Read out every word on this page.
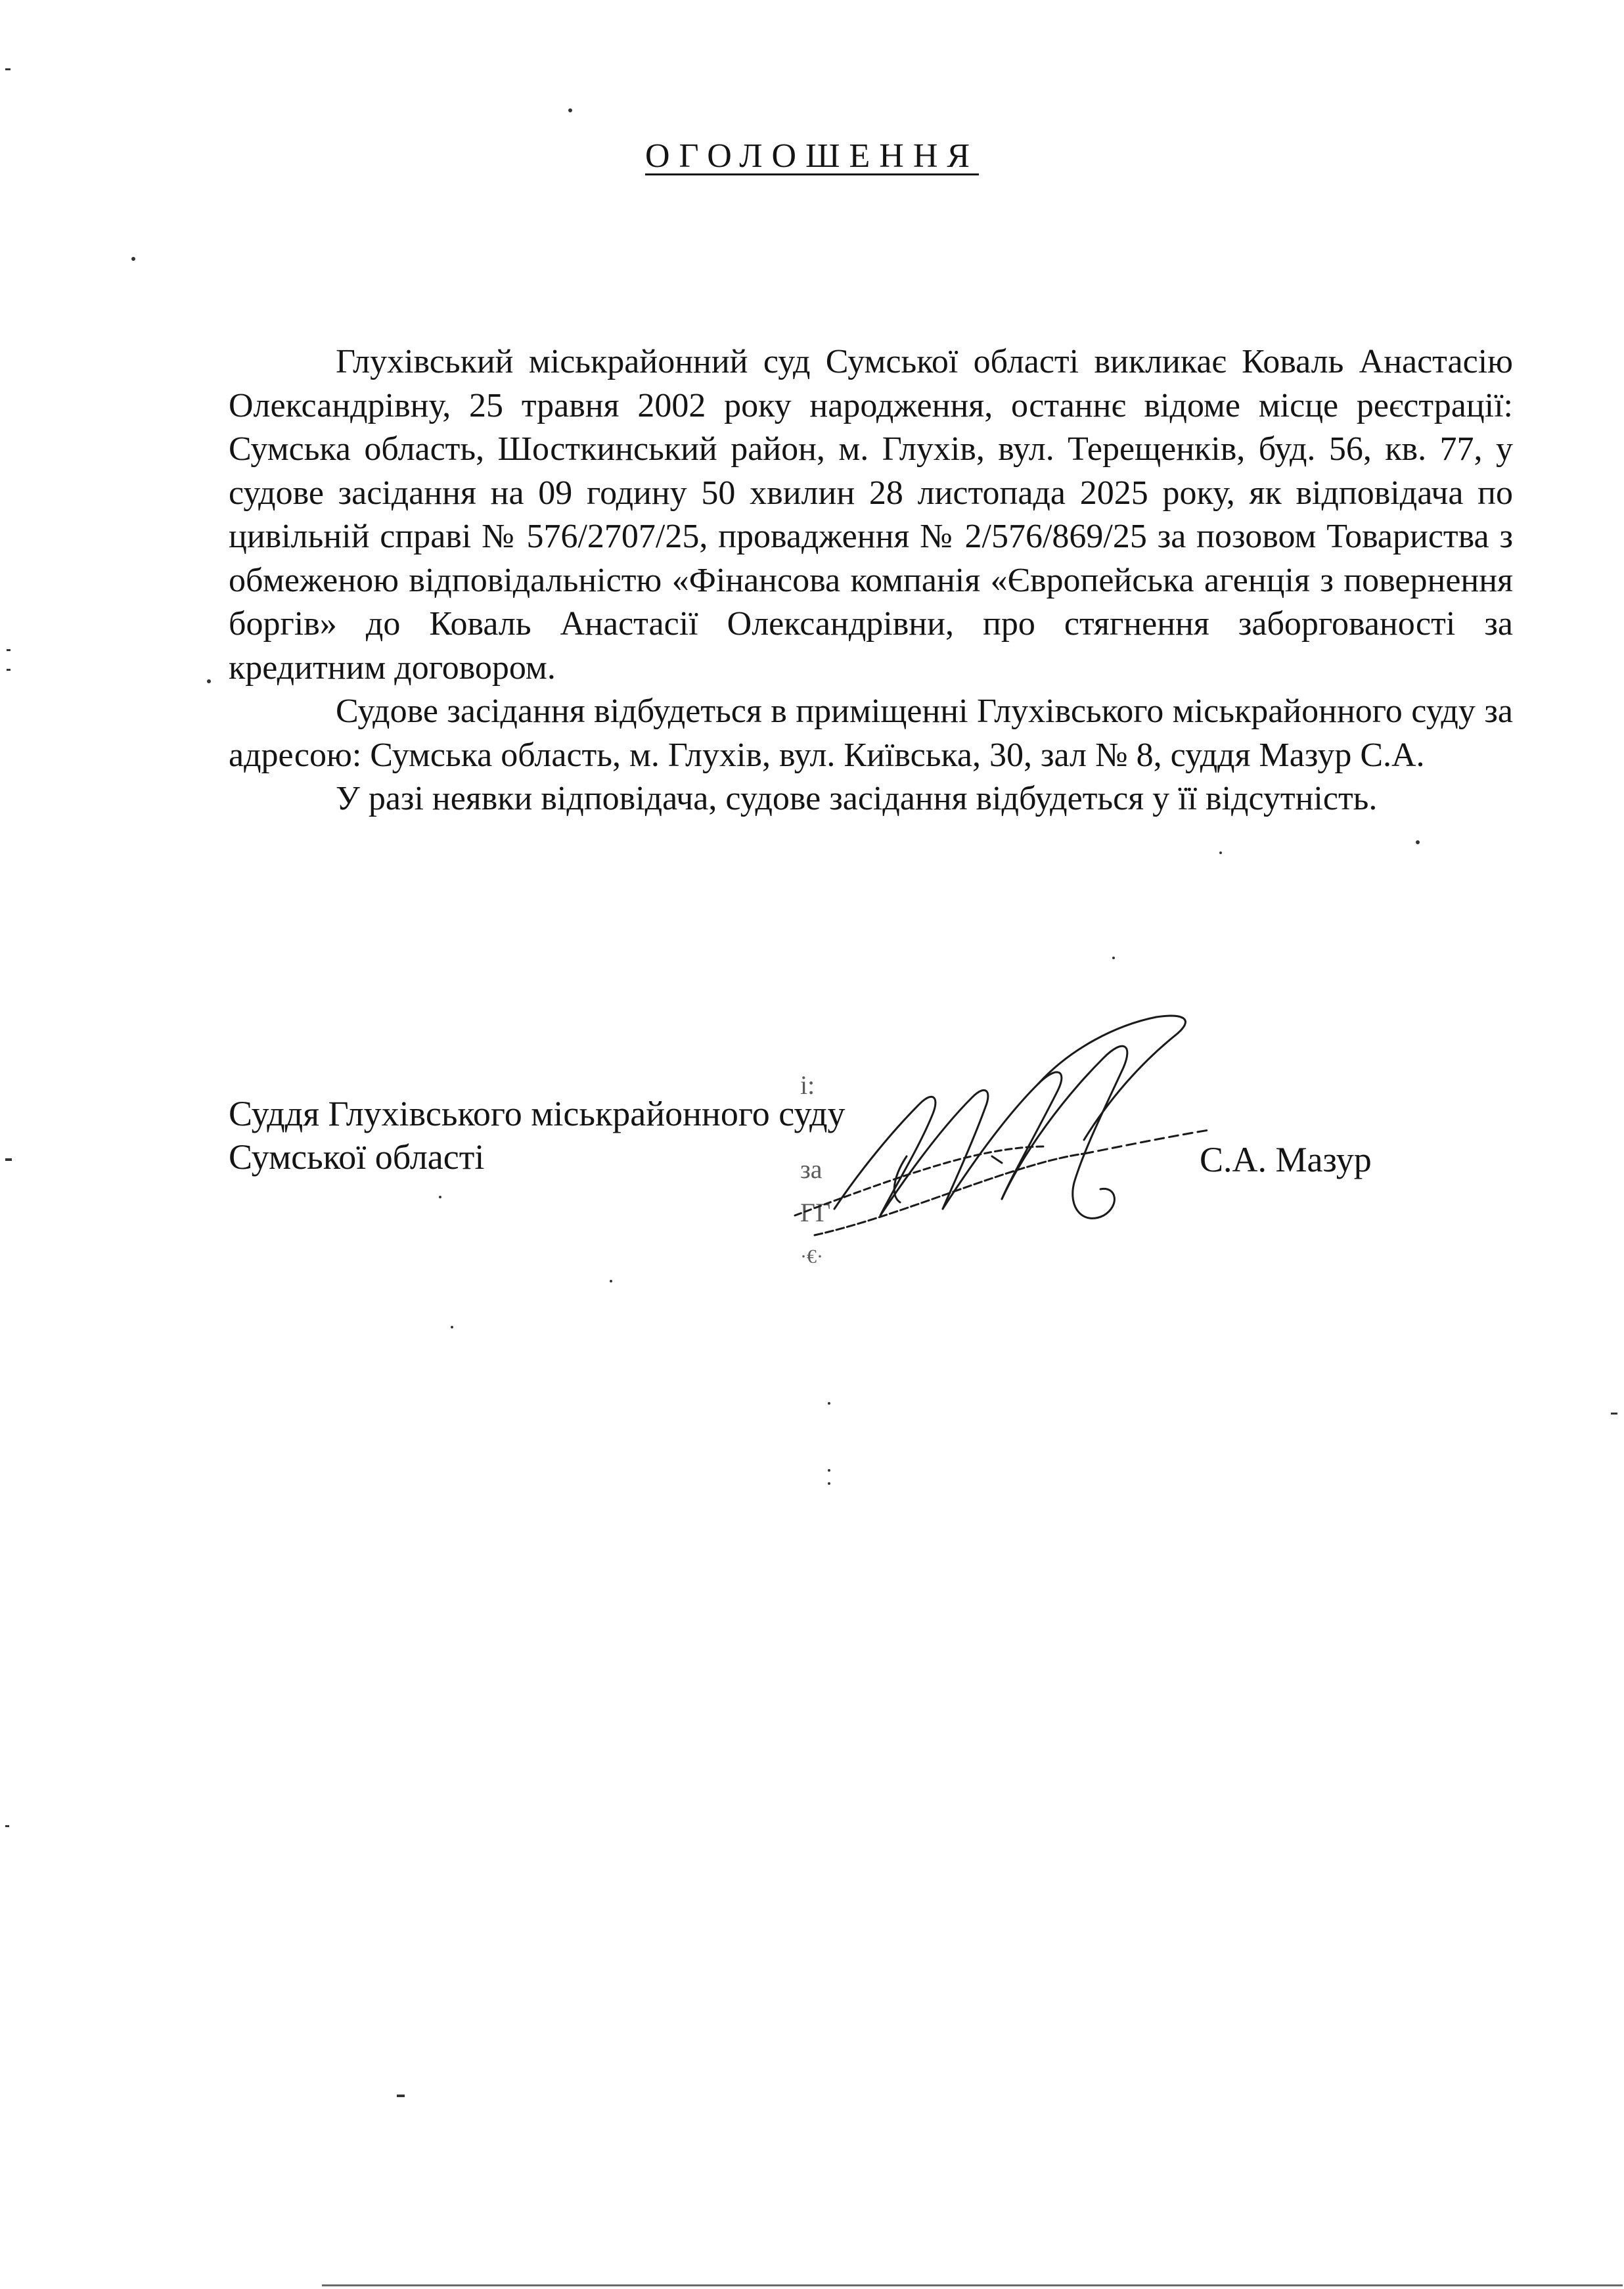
ОГОЛОШЕННЯ

Глухівський міськрайонний суд Сумської області викликає Коваль Анастасію Олександрівну, 25 травня 2002 року народження, останнє відоме місце реєстрації: Сумська область, Шосткинський район, м. Глухів, вул. Терещенків, буд. 56, кв. 77, у судове засідання на 09 годину 50 хвилин 28 листопада 2025 року, як відповідача по цивільній справі № 576/2707/25, провадження № 2/576/869/25 за позовом Товариства з обмеженою відповідальністю «Фінансова компанія «Європейська агенція з повернення боргів» до Коваль Анастасії Олександрівни, про стягнення заборгованості за кредитним договором.

Судове засідання відбудеться в приміщенні Глухівського міськрайонного суду за адресою: Сумська область, м. Глухів, вул. Київська, 30, зал № 8, суддя Мазур С.А.

У разі неявки відповідача, судове засідання відбудеться у її відсутність.

Суддя Глухівського міськрайонного суду
Сумської області	С.А. Мазур
і:
за
ГГ
·€·
